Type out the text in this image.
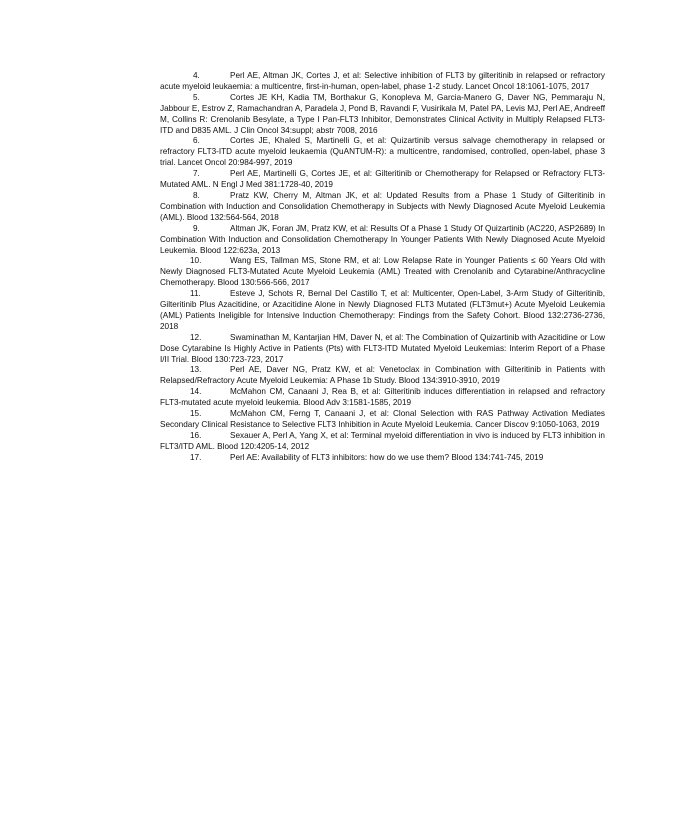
4.	Perl AE, Altman JK, Cortes J, et al: Selective inhibition of FLT3 by gilteritinib in relapsed or refractory acute myeloid leukaemia: a multicentre, first-in-human, open-label, phase 1-2 study. Lancet Oncol 18:1061-1075, 2017

5.	Cortes JE KH, Kadia TM, Borthakur G, Konopleva M, Garcia-Manero G, Daver NG, Pemmaraju N, Jabbour E, Estrov Z, Ramachandran A, Paradela J, Pond B, Ravandi F, Vusirikala M, Patel PA, Levis MJ, Perl AE, Andreeff M, Collins R: Crenolanib Besylate, a Type I Pan-FLT3 Inhibitor, Demonstrates Clinical Activity in Multiply Relapsed FLT3-ITD and D835 AML. J Clin Oncol 34:suppl; abstr 7008, 2016

6.	Cortes JE, Khaled S, Martinelli G, et al: Quizartinib versus salvage chemotherapy in relapsed or refractory FLT3-ITD acute myeloid leukaemia (QuANTUM-R): a multicentre, randomised, controlled, open-label, phase 3 trial. Lancet Oncol 20:984-997, 2019

7.	Perl AE, Martinelli G, Cortes JE, et al: Gilteritinib or Chemotherapy for Relapsed or Refractory FLT3-Mutated AML. N Engl J Med 381:1728-40, 2019

8.	Pratz KW, Cherry M, Altman JK, et al: Updated Results from a Phase 1 Study of Gilteritinib in Combination with Induction and Consolidation Chemotherapy in Subjects with Newly Diagnosed Acute Myeloid Leukemia (AML). Blood 132:564-564, 2018

9.	Altman JK, Foran JM, Pratz KW, et al: Results Of a Phase 1 Study Of Quizartinib (AC220, ASP2689) In Combination With Induction and Consolidation Chemotherapy In Younger Patients With Newly Diagnosed Acute Myeloid Leukemia. Blood 122:623a, 2013

10.	Wang ES, Tallman MS, Stone RM, et al: Low Relapse Rate in Younger Patients ≤ 60 Years Old with Newly Diagnosed FLT3-Mutated Acute Myeloid Leukemia (AML) Treated with Crenolanib and Cytarabine/Anthracycline Chemotherapy. Blood 130:566-566, 2017

11.	Esteve J, Schots R, Bernal Del Castillo T, et al: Multicenter, Open-Label, 3-Arm Study of Gilteritinib, Gilteritinib Plus Azacitidine, or Azacitidine Alone in Newly Diagnosed FLT3 Mutated (FLT3mut+) Acute Myeloid Leukemia (AML) Patients Ineligible for Intensive Induction Chemotherapy: Findings from the Safety Cohort. Blood 132:2736-2736, 2018

12.	Swaminathan M, Kantarjian HM, Daver N, et al: The Combination of Quizartinib with Azacitidine or Low Dose Cytarabine Is Highly Active in Patients (Pts) with FLT3-ITD Mutated Myeloid Leukemias: Interim Report of a Phase I/II Trial. Blood 130:723-723, 2017

13.	Perl AE, Daver NG, Pratz KW, et al: Venetoclax in Combination with Gilteritinib in Patients with Relapsed/Refractory Acute Myeloid Leukemia: A Phase 1b Study. Blood 134:3910-3910, 2019

14.	McMahon CM, Canaani J, Rea B, et al: Gilteritinib induces differentiation in relapsed and refractory FLT3-mutated acute myeloid leukemia. Blood Adv 3:1581-1585, 2019

15.	McMahon CM, Ferng T, Canaani J, et al: Clonal Selection with RAS Pathway Activation Mediates Secondary Clinical Resistance to Selective FLT3 Inhibition in Acute Myeloid Leukemia. Cancer Discov 9:1050-1063, 2019

16.	Sexauer A, Perl A, Yang X, et al: Terminal myeloid differentiation in vivo is induced by FLT3 inhibition in FLT3/ITD AML. Blood 120:4205-14, 2012

17.	Perl AE: Availability of FLT3 inhibitors: how do we use them? Blood 134:741-745, 2019
